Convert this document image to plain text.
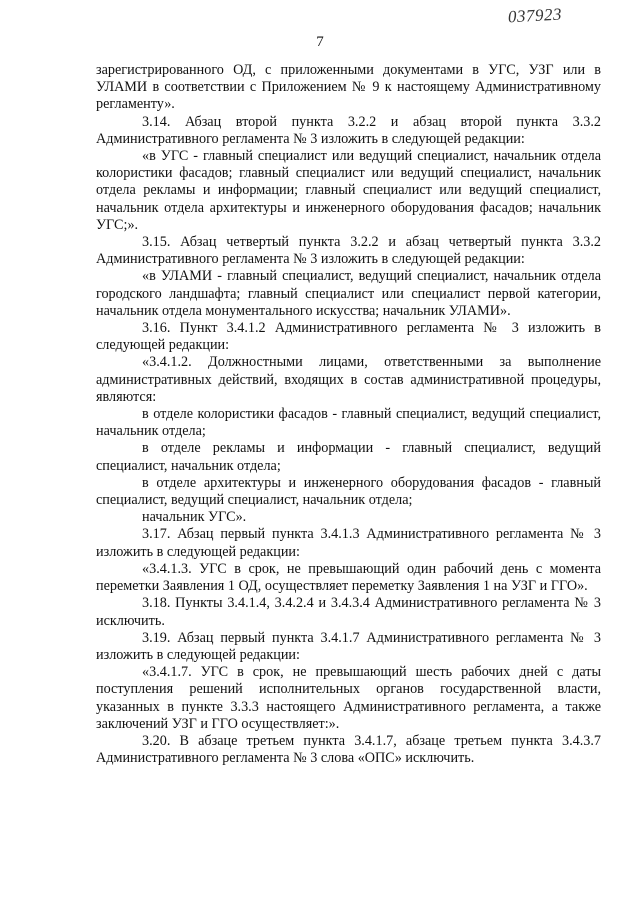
037923
7

зарегистрированного ОД, с приложенными документами в УГС, УЗГ или в УЛАМИ в соответствии с Приложением № 9 к настоящему Административному регламенту».

3.14. Абзац второй пункта 3.2.2 и абзац второй пункта 3.3.2 Административного регламента № 3 изложить в следующей редакции:

«в УГС - главный специалист или ведущий специалист, начальник отдела колористики фасадов; главный специалист или ведущий специалист, начальник отдела рекламы и информации; главный специалист или ведущий специалист, начальник отдела архитектуры и инженерного оборудования фасадов; начальник УГС;».

3.15. Абзац четвертый пункта 3.2.2 и абзац четвертый пункта 3.3.2 Административного регламента № 3 изложить в следующей редакции:

«в УЛАМИ - главный специалист, ведущий специалист, начальник отдела городского ландшафта; главный специалист или специалист первой категории, начальник отдела монументального искусства; начальник УЛАМИ».

3.16. Пункт 3.4.1.2 Административного регламента № 3 изложить в следующей редакции:

«3.4.1.2. Должностными лицами, ответственными за выполнение административных действий, входящих в состав административной процедуры, являются:

в отделе колористики фасадов - главный специалист, ведущий специалист, начальник отдела;

в отделе рекламы и информации - главный специалист, ведущий специалист, начальник отдела;

в отделе архитектуры и инженерного оборудования фасадов - главный специалист, ведущий специалист, начальник отдела;

начальник УГС».

3.17. Абзац первый пункта 3.4.1.3 Административного регламента № 3 изложить в следующей редакции:

«3.4.1.3. УГС в срок, не превышающий один рабочий день с момента переметки Заявления 1 ОД, осуществляет переметку Заявления 1 на УЗГ и ГГО».

3.18. Пункты 3.4.1.4, 3.4.2.4 и 3.4.3.4 Административного регламента № 3 исключить.

3.19. Абзац первый пункта 3.4.1.7 Административного регламента № 3 изложить в следующей редакции:

«3.4.1.7. УГС в срок, не превышающий шесть рабочих дней с даты поступления решений исполнительных органов государственной власти, указанных в пункте 3.3.3 настоящего Административного регламента, а также заключений УЗГ и ГГО осуществляет:».

3.20. В абзаце третьем пункта 3.4.1.7, абзаце третьем пункта 3.4.3.7 Административного регламента № 3 слова «ОПС» исключить.
